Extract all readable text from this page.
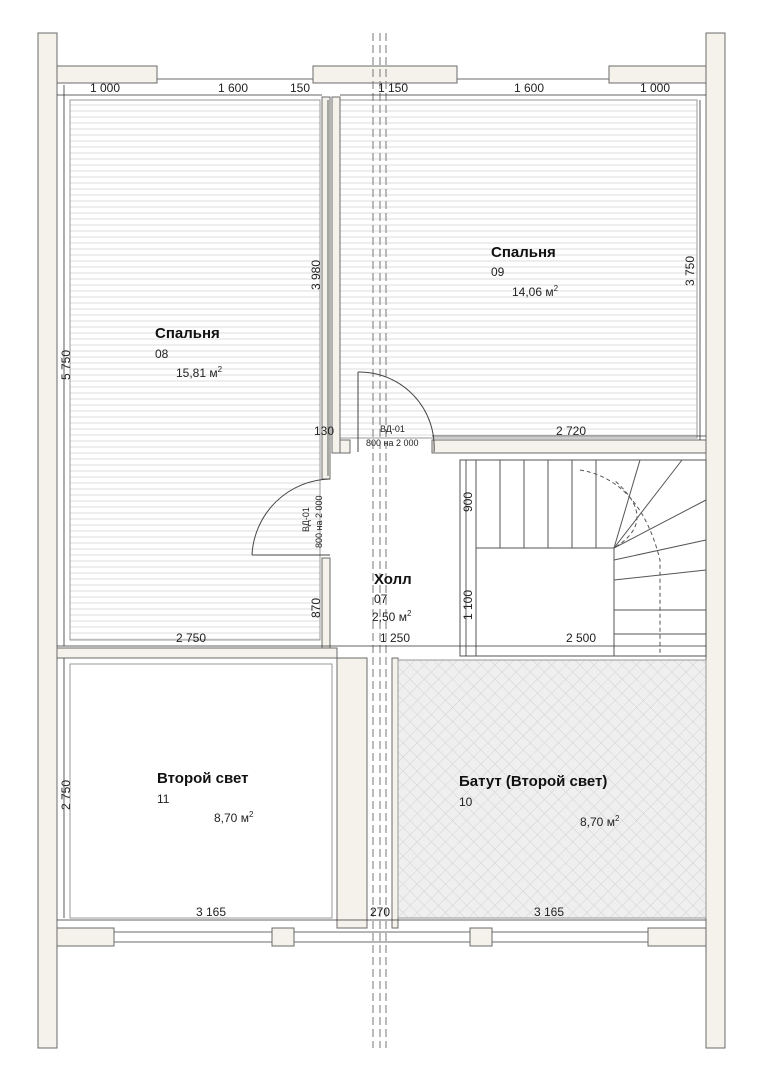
1 000	1 600	150	1 150	1 600	1 000
5 750
3 980	3 750
130	2 720
900
1 100
870
2 750	1 250	2 500
2 750
3 165	270	3 165
ВД-01 800 на 2 000
ВД-01
800 на 2 000
Спальня
08
15,81 $м^2$
Спальня
09
14,06 $м^2$
Холл
07
2,50 $м^2$
Второй свет
11
8,70 $м^2$
Батут (Второй свет)
10
8,70 $м^2$
